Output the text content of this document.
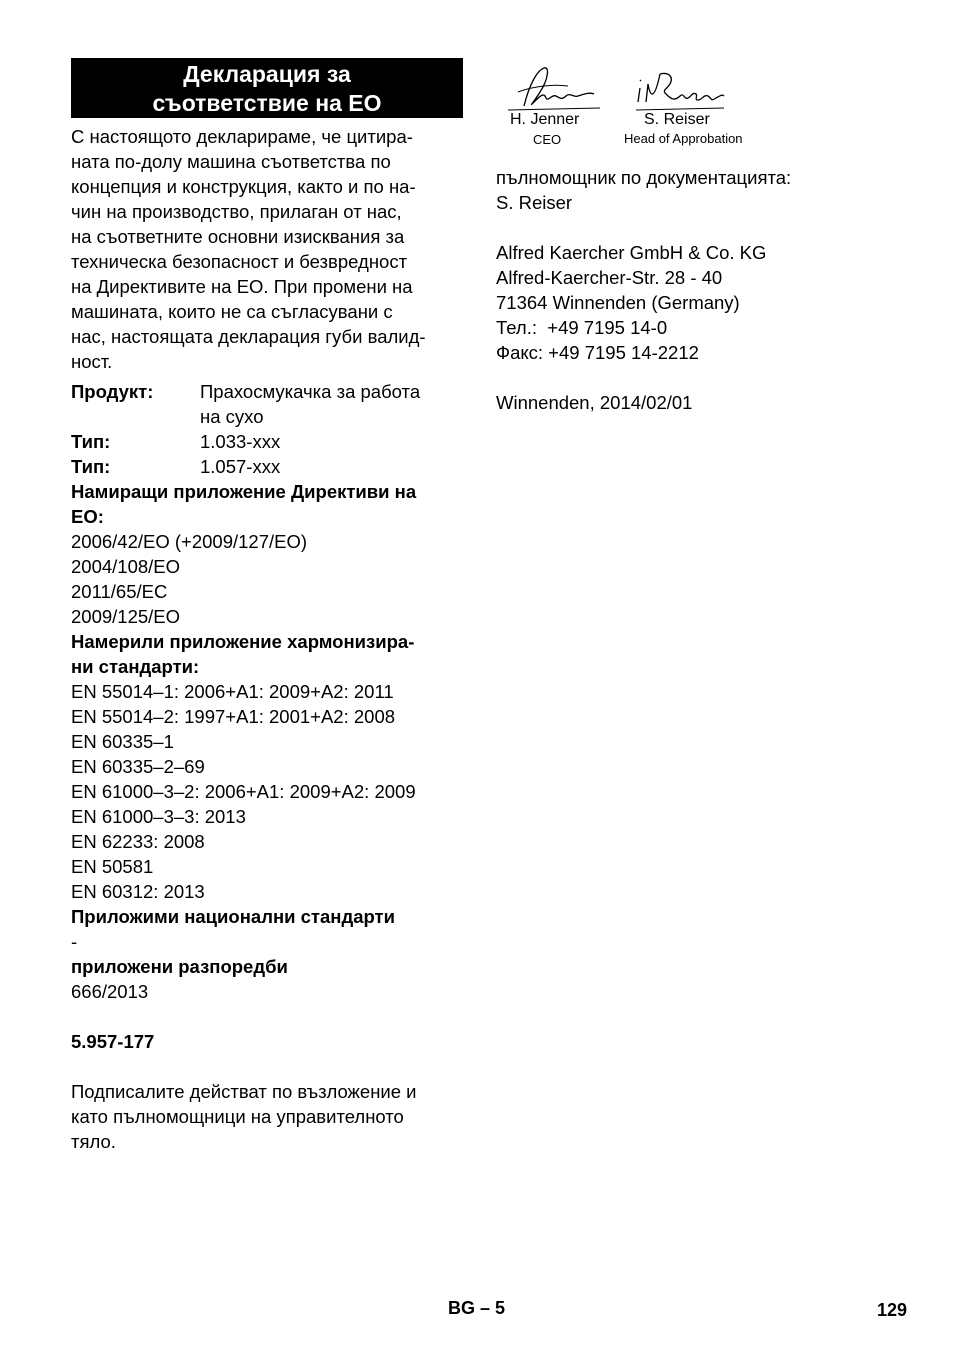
Декларация за
съответствие на ЕО
С настоящото декларираме, че цитира-
ната по-долу машина съответства по
концепция и конструкция, както и по на-
чин на производство, прилаган от нас,
на съответните основни изисквания за
техническа безопасност и безвредност
на Директивите на ЕО. При промени на
машината, които не са съгласувани с
нас, настоящата декларация губи валид-
ност.
Продукт:	Прахосмукачка за работа
на сухо
Тип:	1.033-xxx
Тип:	1.057-xxx
Намиращи приложение Директиви на
ЕО:
2006/42/ЕО (+2009/127/ЕО)
2004/108/ЕО
2011/65/ЕС
2009/125/ЕО
Намерили приложение хармонизира-
ни стандарти:
EN 55014–1: 2006+A1: 2009+A2: 2011
EN 55014–2: 1997+A1: 2001+A2: 2008
EN 60335–1
EN 60335–2–69
EN 61000–3–2: 2006+A1: 2009+A2: 2009
EN 61000–3–3: 2013
EN 62233: 2008
EN 50581
EN 60312: 2013
Приложими национални стандарти
-
приложени разпоредби
666/2013
5.957-177
Подписалите действат по възложение и
като пълномощници на управителното
тяло.
H. Jenner
CEO
S. Reiser
Head of Approbation
пълномощник по документацията:
S. Reiser
Alfred Kaercher GmbH & Co. KG
Alfred-Kaercher-Str. 28 - 40
71364 Winnenden (Germany)
Тел.:  +49 7195 14-0
Факс: +49 7195 14-2212
Winnenden, 2014/02/01
BG – 5	129
